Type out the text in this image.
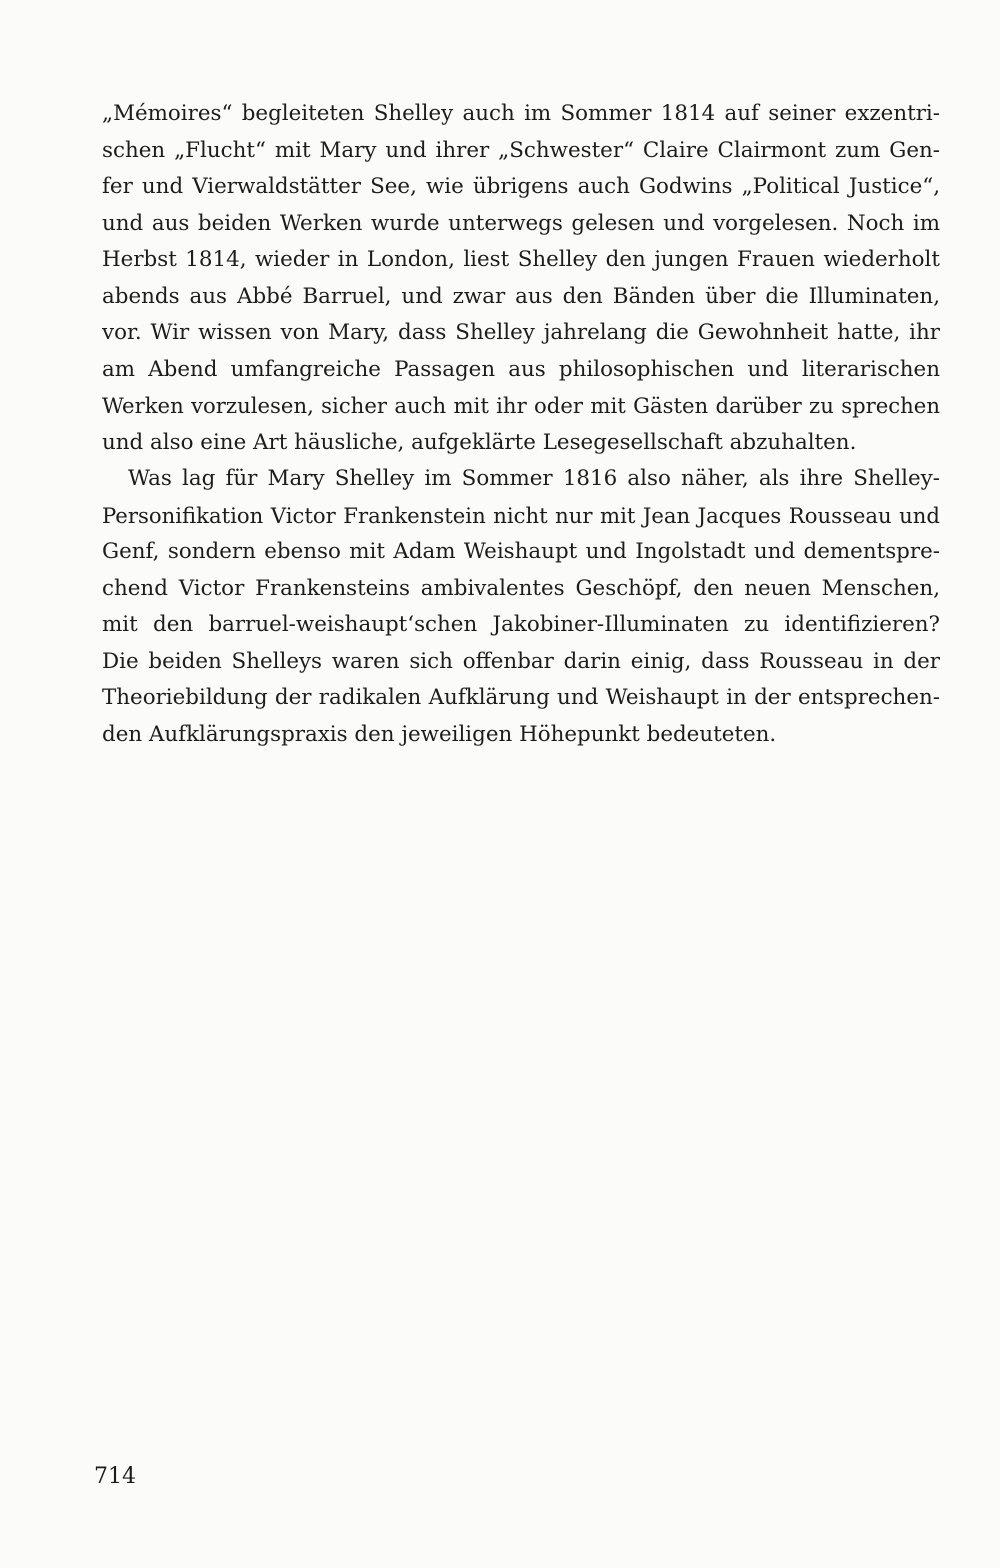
„Mémoires“ begleiteten Shelley auch im Sommer 1814 auf seiner exzentri-
schen „Flucht“ mit Mary und ihrer „Schwester“ Claire Clairmont zum Gen-
fer und Vierwaldstätter See, wie übrigens auch Godwins „Political Justice“,
und aus beiden Werken wurde unterwegs gelesen und vorgelesen. Noch im
Herbst 1814, wieder in London, liest Shelley den jungen Frauen wiederholt
abends aus Abbé Barruel, und zwar aus den Bänden über die Illuminaten,
vor. Wir wissen von Mary, dass Shelley jahrelang die Gewohnheit hatte, ihr
am Abend umfangreiche Passagen aus philosophischen und literarischen
Werken vorzulesen, sicher auch mit ihr oder mit Gästen darüber zu sprechen
und also eine Art häusliche, aufgeklärte Lesegesellschaft abzuhalten.
Was lag für Mary Shelley im Sommer 1816 also näher, als ihre Shelley-
Personifikation Victor Frankenstein nicht nur mit Jean Jacques Rousseau und
Genf, sondern ebenso mit Adam Weishaupt und Ingolstadt und dementspre-
chend Victor Frankensteins ambivalentes Geschöpf, den neuen Menschen,
mit den barruel-weishaupt‘schen Jakobiner-Illuminaten zu identifizieren?
Die beiden Shelleys waren sich offenbar darin einig, dass Rousseau in der
Theoriebildung der radikalen Aufklärung und Weishaupt in der entsprechen-
den Aufklärungspraxis den jeweiligen Höhepunkt bedeuteten.
714
